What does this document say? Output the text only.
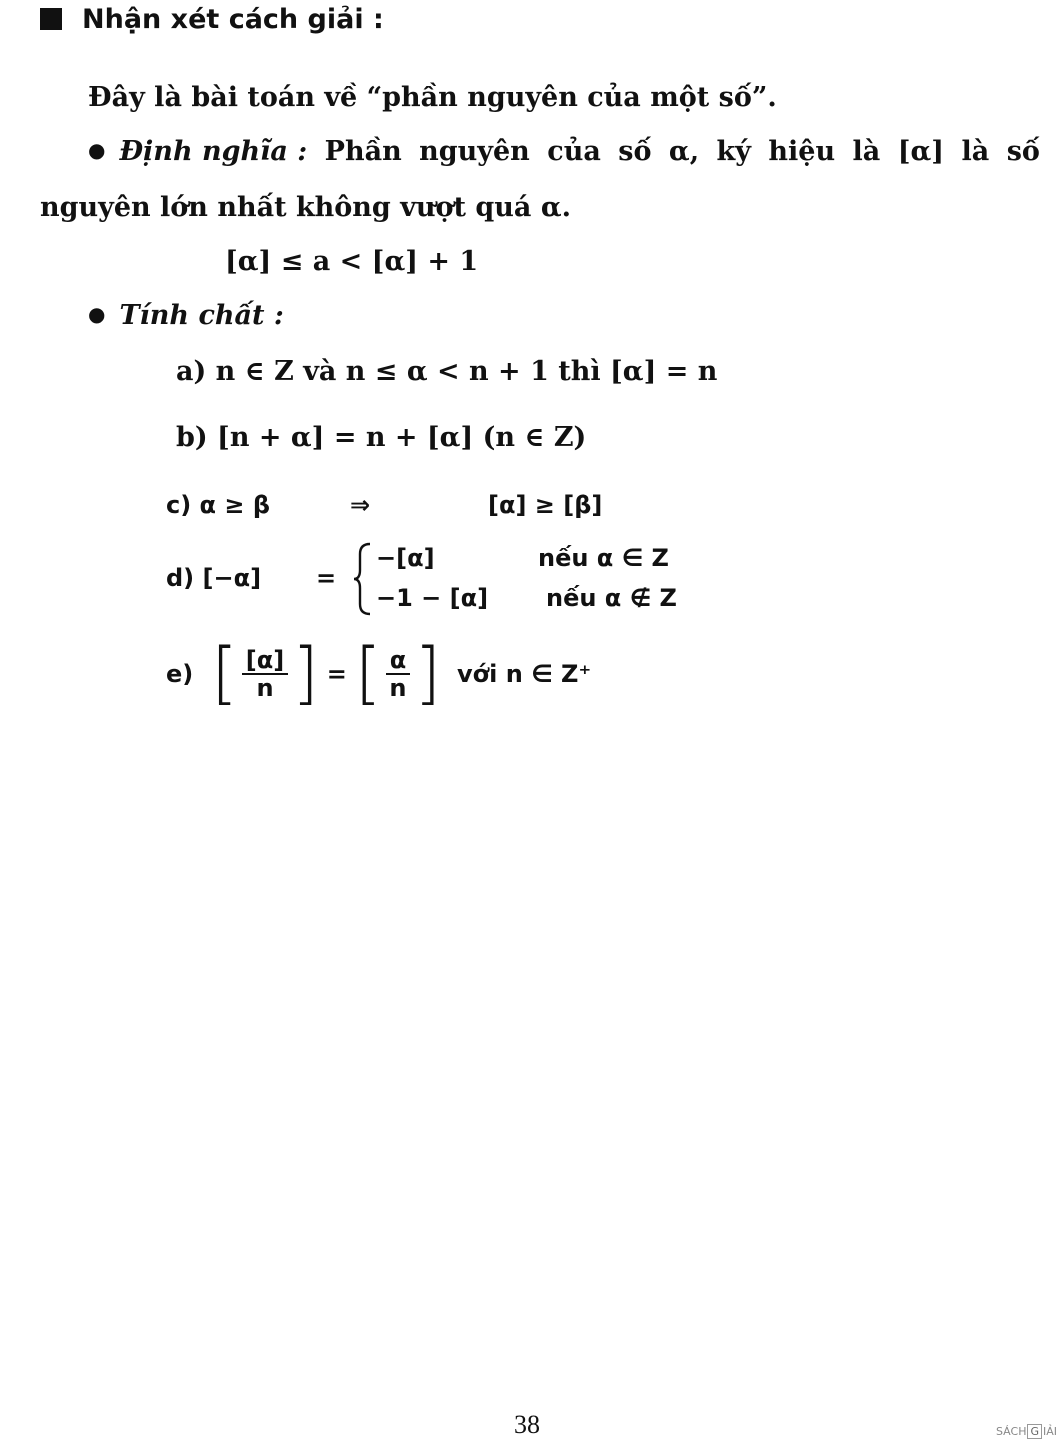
Nhận xét cách giải :
Đây là bài toán về “phần nguyên của một số”.
● Định nghĩa : Phần nguyên của số α, ký hiệu là [α] là số
nguyên lớn nhất không vượt quá α.
[α] ≤ a < [α] + 1
● Tính chất :
a) n ∈ Z và n ≤ α < n + 1 thì [α] = n
b) [n + α] = n + [α] (n ∈ Z)
c) α ≥ β	⇒	[α] ≥ [β]
d) [−α] =
−[α]	nếu α ∈ Z
−1 − [α] nếu α ∉ Z
e) [ $\frac{[\alpha]}{n}$ ] = [ $\frac{\alpha}{n}$ ] với n ∈ Z⁺
38	SÁCH G IẢI
